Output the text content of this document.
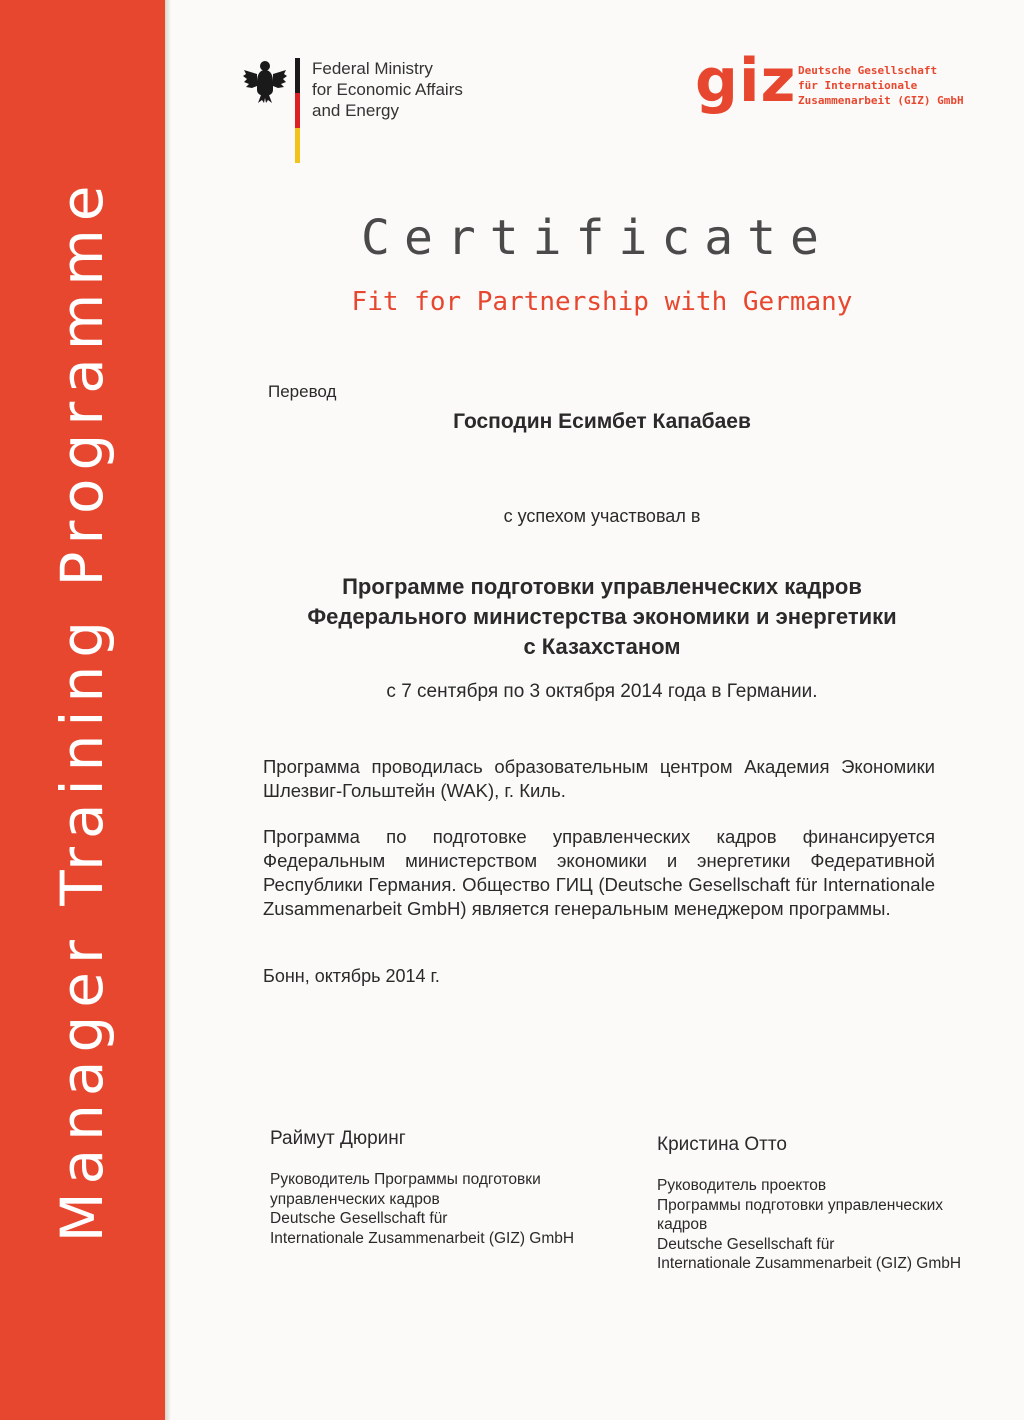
Manager Training Programme
Federal Ministry
for Economic Affairs
and Energy	giz Deutsche Gesellschaft
für Internationale
Zusammenarbeit (GIZ) GmbH
Certificate
Fit for Partnership with Germany
Перевод
Господин Есимбет Капабаев
с успехом участвовал в
Программе подготовки управленческих кадров
Федерального министерства экономики и энергетики
с Казахстаном
с 7 сентября по 3 октября 2014 года в Германии.
Программа проводилась образовательным центром Академия Экономики Шлезвиг-Гольштейн (WAK), г. Киль.
Программа по подготовке управленческих кадров финансируется Федеральным министерством экономики и энергетики Федеративной Республики Германия. Общество ГИЦ (Deutsche Gesellschaft für Internationale Zusammenarbeit GmbH) является генеральным менеджером программы.
Бонн, октябрь 2014 г.
Раймут Дюринг
Руководитель Программы подготовки
управленческих кадров
Deutsche Gesellschaft für
Internationale Zusammenarbeit (GIZ) GmbH
Кристина Отто
Руководитель проектов
Программы подготовки управленческих
кадров
Deutsche Gesellschaft für
Internationale Zusammenarbeit (GIZ) GmbH
